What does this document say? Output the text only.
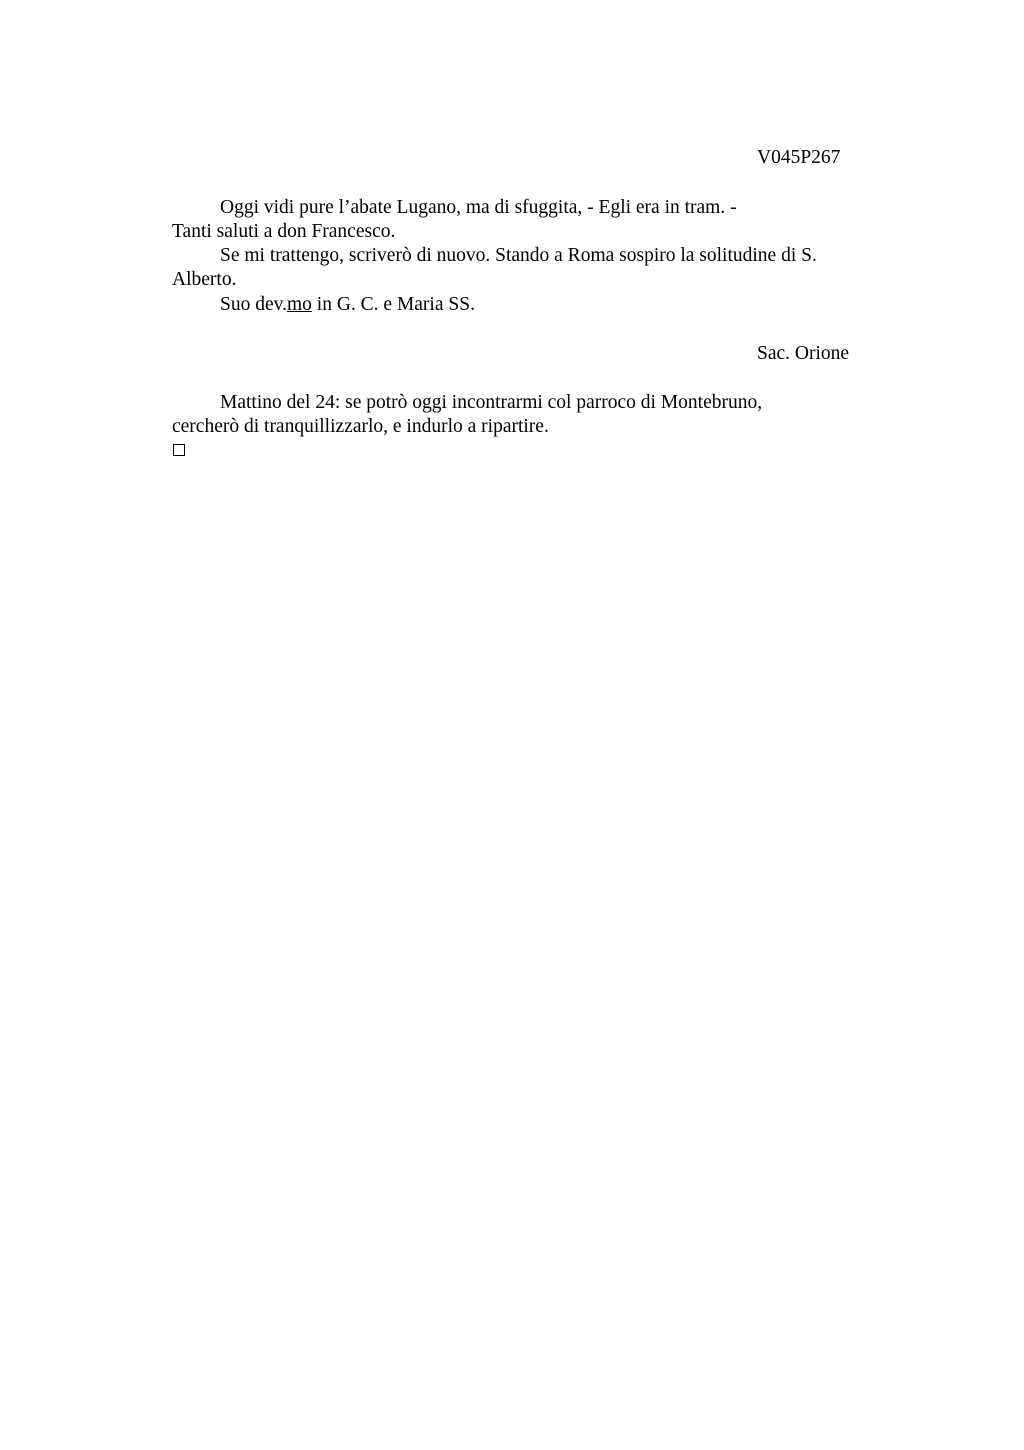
V045P267
Oggi vidi pure l’abate Lugano, ma di sfuggita, - Egli era in tram. -
Tanti saluti a don Francesco.
Se mi trattengo, scriverò di nuovo. Stando a Roma sospiro la solitudine di S.
Alberto.
Suo dev.mo in G. C. e Maria SS.
Sac. Orione
Mattino del 24: se potrò oggi incontrarmi col parroco di Montebruno,
cercherò di tranquillizzarlo, e indurlo a ripartire.
